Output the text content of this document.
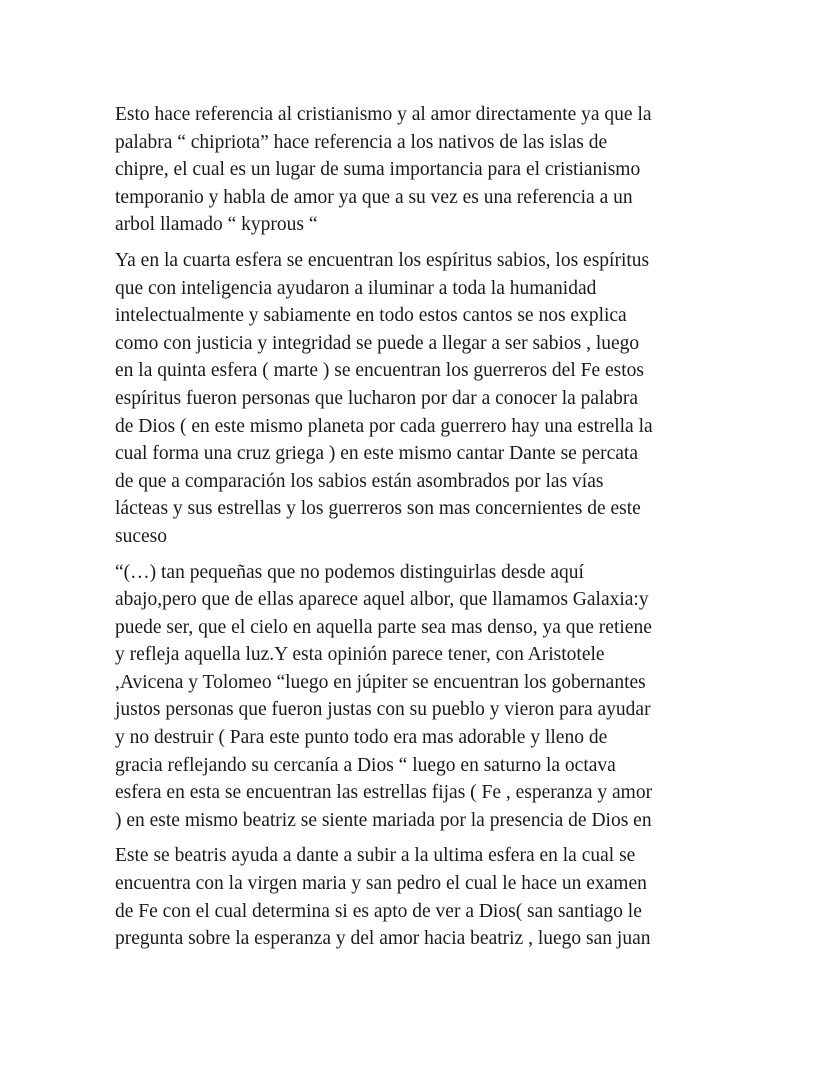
Esto hace referencia al cristianismo y al amor directamente ya que la
palabra “ chipriota” hace referencia a los nativos de las islas de
chipre, el cual es un lugar de suma importancia para el cristianismo
temporanio y habla de amor ya que a su vez es una referencia a un
arbol llamado “ kyprous “

Ya en la cuarta esfera se encuentran los espíritus sabios, los espíritus
que con inteligencia ayudaron a iluminar a toda la humanidad
intelectualmente y sabiamente en todo estos cantos se nos explica
como con justicia y integridad se puede a llegar a ser sabios , luego
en la quinta esfera ( marte ) se encuentran los guerreros del Fe estos
espíritus fueron personas que lucharon por dar a conocer la palabra
de Dios ( en este mismo planeta por cada guerrero hay una estrella la
cual forma una cruz griega ) en este mismo cantar Dante se percata
de que a comparación los sabios están asombrados por las vías
lácteas y sus estrellas y los guerreros son mas concernientes de este
suceso

“(…) tan pequeñas que no podemos distinguirlas desde aquí
abajo,pero que de ellas aparece aquel albor, que llamamos Galaxia:y
puede ser, que el cielo en aquella parte sea mas denso, ya que retiene
y refleja aquella luz.Y esta opinión parece tener, con Aristotele
,Avicena y Tolomeo “luego en júpiter se encuentran los gobernantes
justos personas que fueron justas con su pueblo y vieron para ayudar
y no destruir ( Para este punto todo era mas adorable y lleno de
gracia reflejando su cercanía a Dios “ luego en saturno la octava
esfera en esta se encuentran las estrellas fijas ( Fe , esperanza y amor
) en este mismo beatriz se siente mariada por la presencia de Dios en

Este se beatris ayuda a dante a subir a la ultima esfera en la cual se
encuentra con la virgen maria y san pedro el cual le hace un examen
de Fe con el cual determina si es apto de ver a Dios( san santiago le
pregunta sobre la esperanza y del amor hacia beatriz , luego san juan
